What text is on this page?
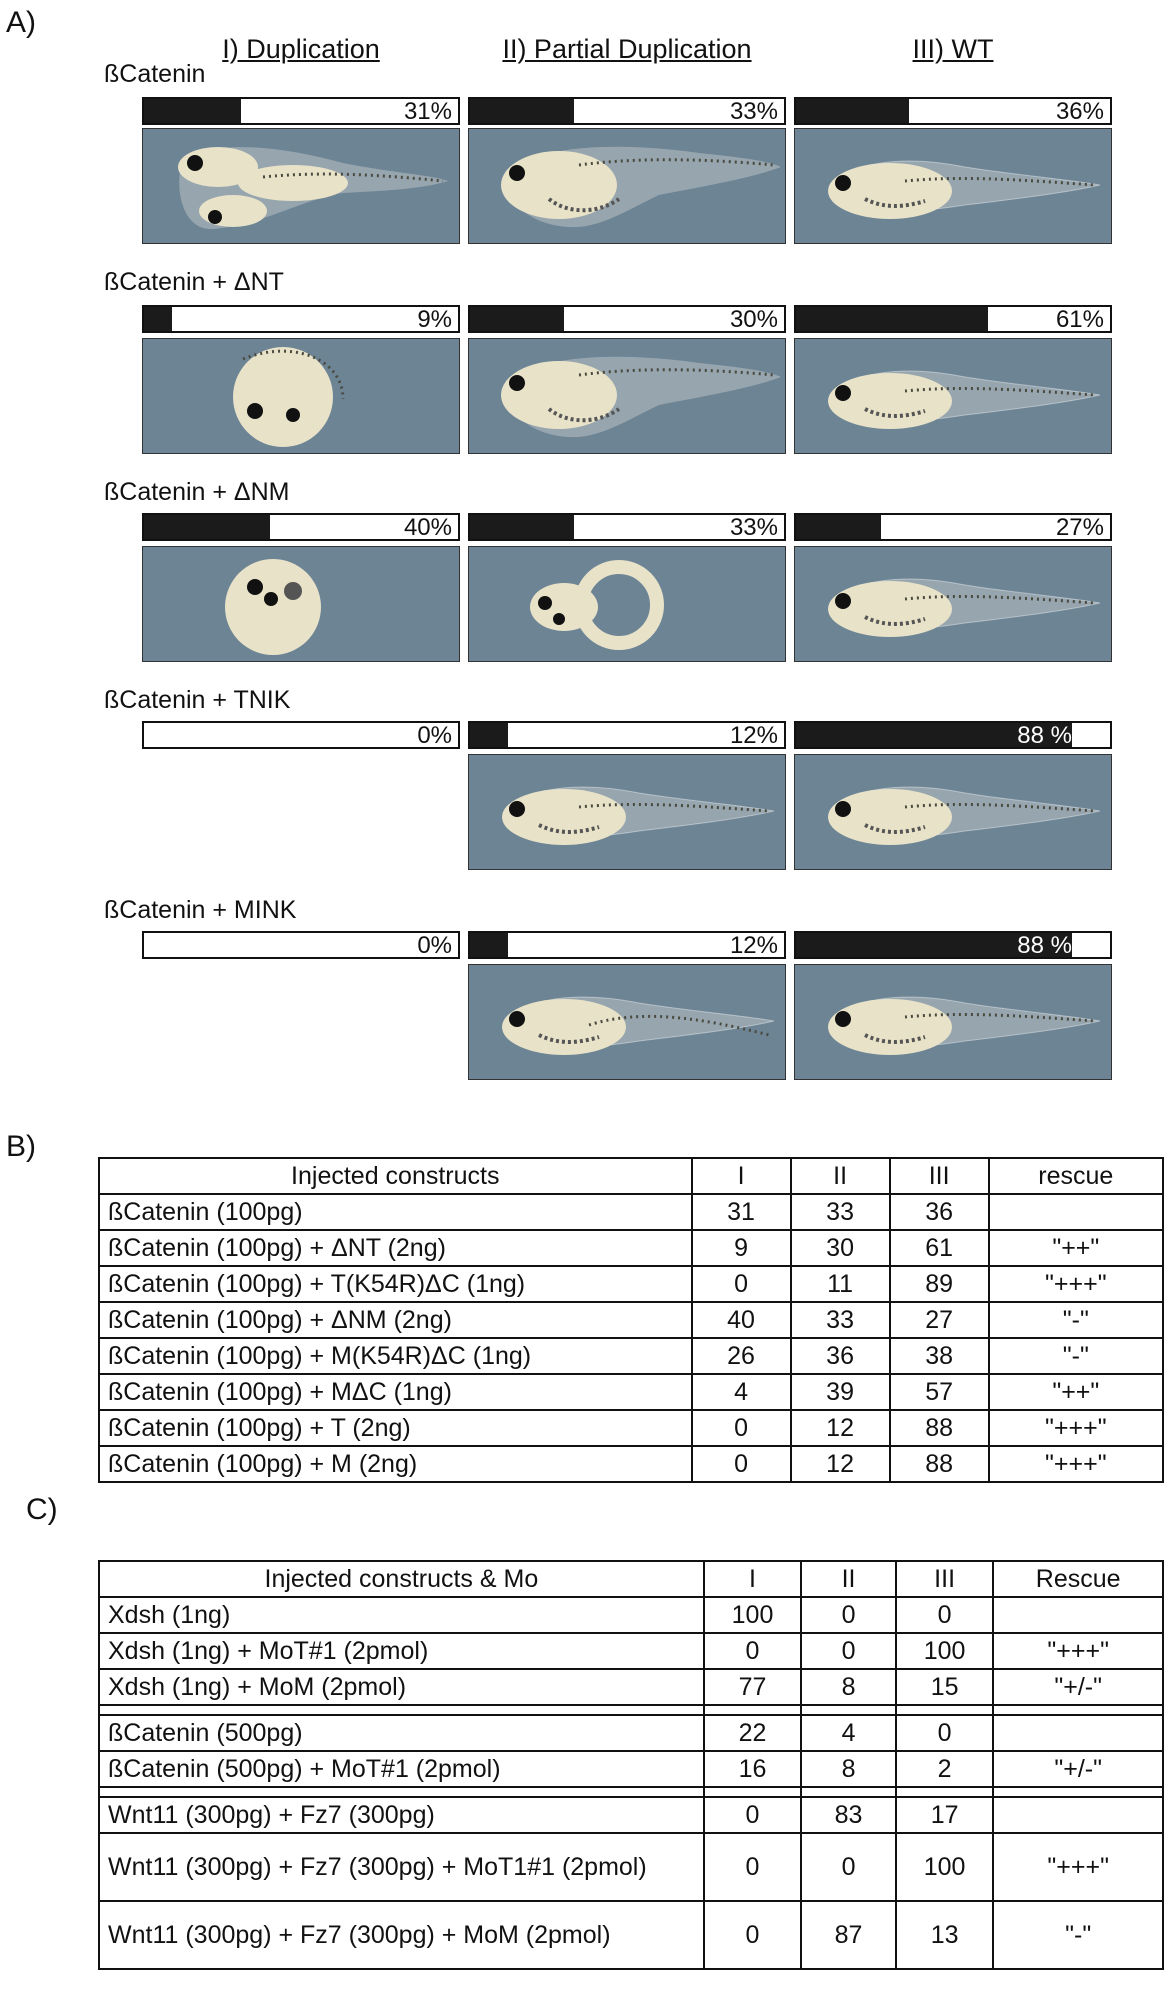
A)
I) Duplication	II) Partial Duplication	III) WT
ßCatenin
31%	33%	36%
ßCatenin + ΔNT
9%	30%	61%
ßCatenin + ΔNM
40%	33%	27%
ßCatenin + TNIK
0%	12%	88 %
ßCatenin + MINK
0%	12%	88 %
B)
Injected constructs	I	II	III	rescue
ßCatenin (100pg)	31	33	36	
ßCatenin (100pg) + ΔNT (2ng)	9	30	61	"++"
ßCatenin (100pg) + T(K54R)ΔC (1ng)	0	11	89	"+++"
ßCatenin (100pg) + ΔNM (2ng)	40	33	27	"-"
ßCatenin (100pg) + M(K54R)ΔC (1ng)	26	36	38	"-"
ßCatenin (100pg) + MΔC (1ng)	4	39	57	"++"
ßCatenin (100pg) + T (2ng)	0	12	88	"+++"
ßCatenin (100pg) + M (2ng)	0	12	88	"+++"
C)
Injected constructs & Mo	I	II	III	Rescue
Xdsh (1ng)	100	0	0	
Xdsh (1ng) + MoT#1 (2pmol)	0	0	100	"+++"
Xdsh (1ng) + MoM (2pmol)	77	8	15	"+/-"

ßCatenin (500pg)	22	4	0	
ßCatenin (500pg) + MoT#1 (2pmol)	16	8	2	"+/-"

Wnt11 (300pg) + Fz7 (300pg)	0	83	17	
Wnt11 (300pg) + Fz7 (300pg) + MoT1#1 (2pmol)	0	0	100	"+++"
Wnt11 (300pg) + Fz7 (300pg) + MoM (2pmol)	0	87	13	"-"
